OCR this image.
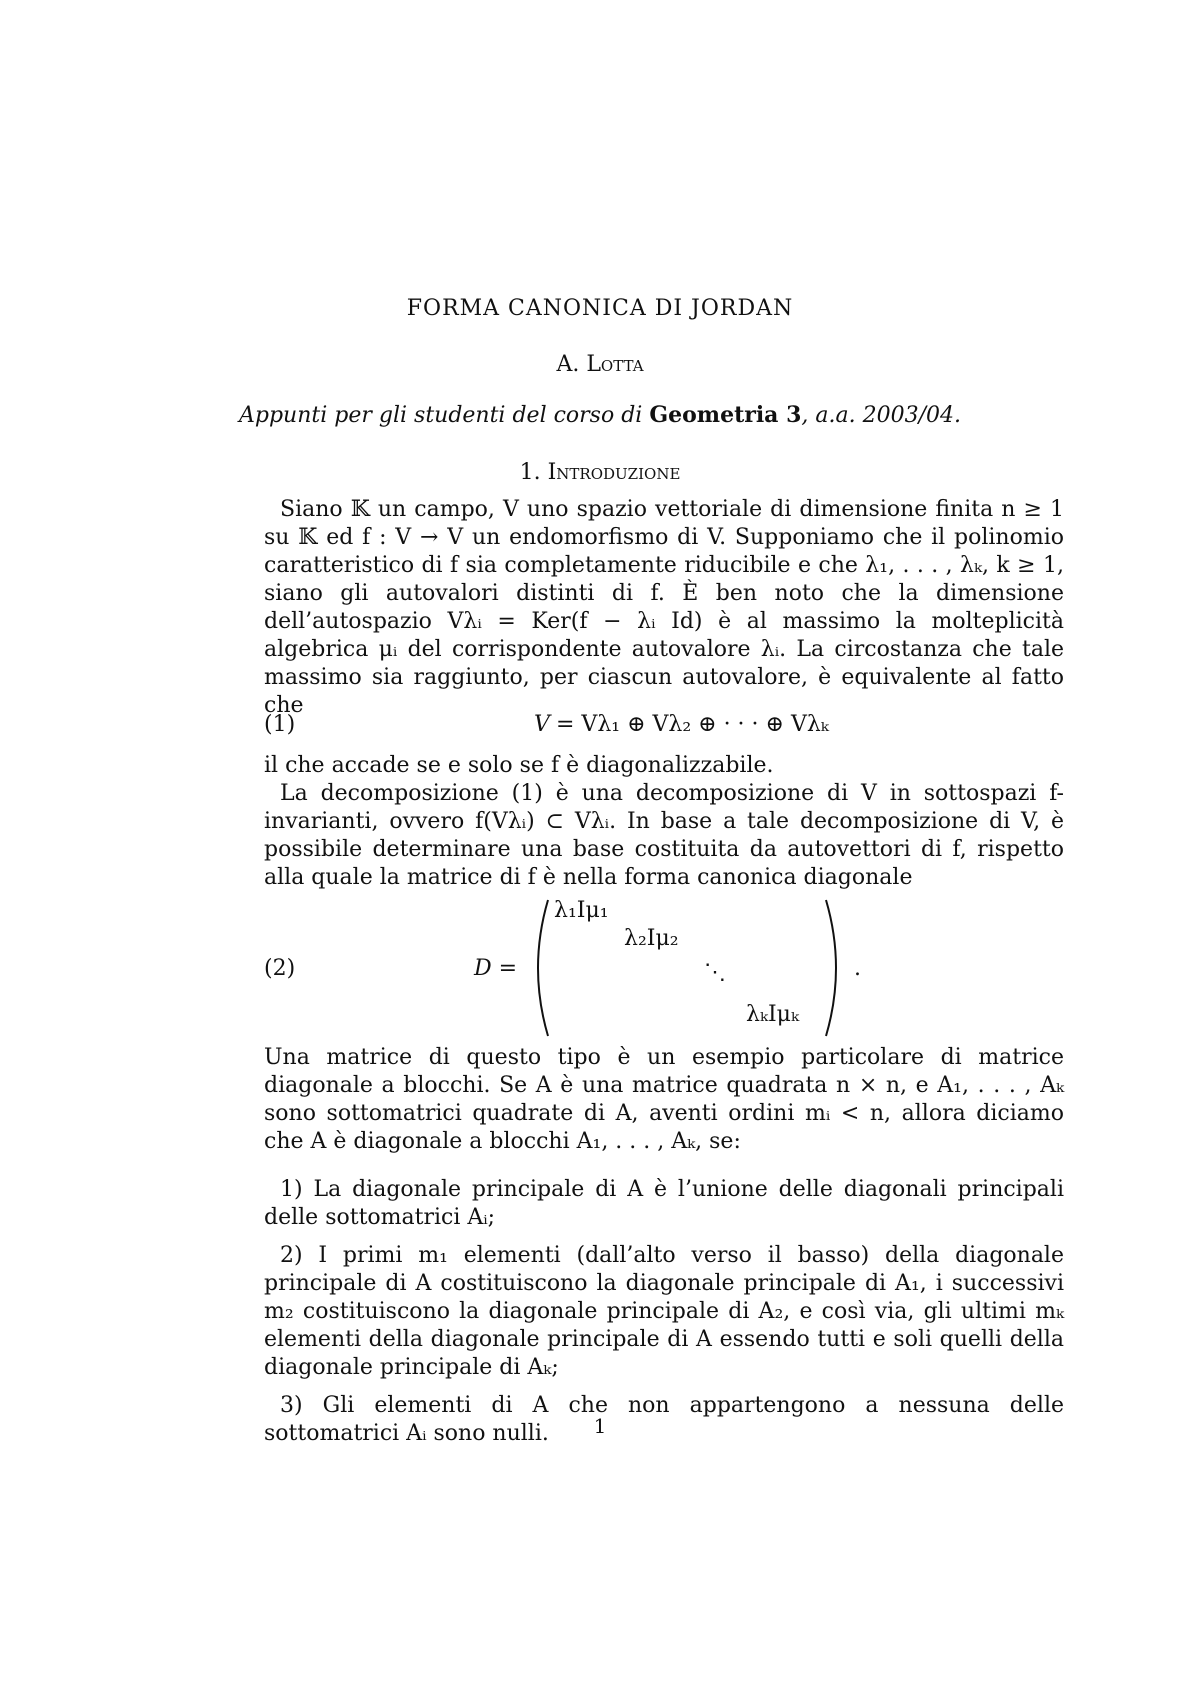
FORMA CANONICA DI JORDAN
A. Lotta
Appunti per gli studenti del corso di Geometria 3, a.a. 2003/04.
1. Introduzione

Siano 𝕂 un campo, V uno spazio vettoriale di dimensione finita n ≥ 1 su 𝕂 ed f : V → V un endomorfismo di V. Supponiamo che il polinomio caratteristico di f sia completamente riducibile e che λ₁, . . . , λₖ, k ≥ 1, siano gli autovalori distinti di f. È ben noto che la dimensione dell’autospazio Vλᵢ = Ker(f − λᵢ Id) è al massimo la molteplicità algebrica μᵢ del corrispondente autovalore λᵢ. La circostanza che tale massimo sia raggiunto, per ciascun autovalore, è equivalente al fatto che

(1)	V = Vλ₁ ⊕ Vλ₂ ⊕ · · · ⊕ Vλₖ

il che accade se e solo se f è diagonalizzabile.

La decomposizione (1) è una decomposizione di V in sottospazi f-invarianti, ovvero f(Vλᵢ) ⊂ Vλᵢ. In base a tale decomposizione di V, è possibile determinare una base costituita da autovettori di f, rispetto alla quale la matrice di f è nella forma canonica diagonale

(2)	D =
λ₁Iμ₁
λ₂Iμ₂
⋱
λₖIμₖ
.

Una matrice di questo tipo è un esempio particolare di matrice diagonale a blocchi. Se A è una matrice quadrata n × n, e A₁, . . . , Aₖ sono sottomatrici quadrate di A, aventi ordini mᵢ < n, allora diciamo che A è diagonale a blocchi A₁, . . . , Aₖ, se:

1) La diagonale principale di A è l’unione delle diagonali principali delle sottomatrici Aᵢ;

2) I primi m₁ elementi (dall’alto verso il basso) della diagonale principale di A costituiscono la diagonale principale di A₁, i successivi m₂ costituiscono la diagonale principale di A₂, e così via, gli ultimi mₖ elementi della diagonale principale di A essendo tutti e soli quelli della diagonale principale di Aₖ;

3) Gli elementi di A che non appartengono a nessuna delle sottomatrici Aᵢ sono nulli.	1
